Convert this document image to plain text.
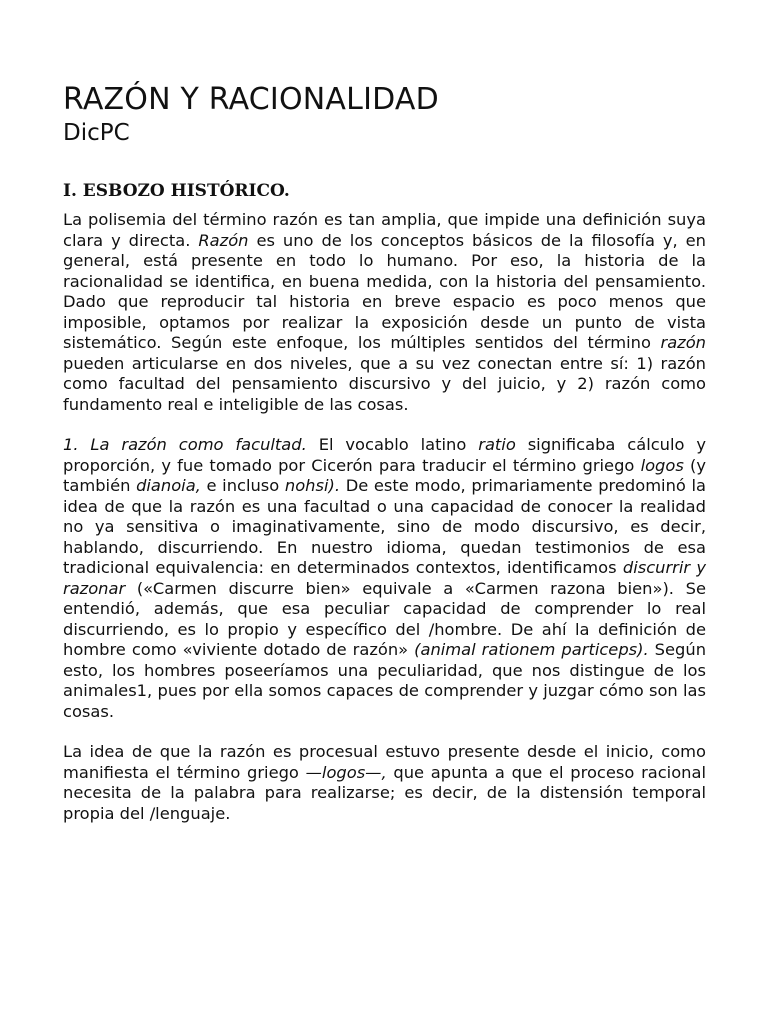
RAZÓN Y RACIONALIDAD
DicPC
I. ESBOZO HISTÓRICO.

La polisemia del término razón es tan amplia, que impide una definición suya clara y directa. Razón es uno de los conceptos básicos de la filosofía y, en general, está presente en todo lo humano. Por eso, la historia de la racionalidad se identifica, en buena medida, con la historia del pensamiento. Dado que reproducir tal historia en breve espacio es poco menos que imposible, optamos por realizar la exposición desde un punto de vista sistemático. Según este enfoque, los múltiples sentidos del término razón pueden articularse en dos niveles, que a su vez conectan entre sí: 1) razón como facultad del pensamiento discursivo y del juicio, y 2) razón como fundamento real e inteligible de las cosas.

1. La razón como facultad. El vocablo latino ratio significaba cálculo y proporción, y fue tomado por Cicerón para traducir el término griego logos (y también dianoia, e incluso nohsi). De este modo, primariamente predominó la idea de que la razón es una facultad o una capacidad de conocer la realidad no ya sensitiva o imaginativamente, sino de modo discursivo, es decir, hablando, discurriendo. En nuestro idioma, quedan testimonios de esa tradicional equivalencia: en determinados contextos, identificamos discurrir y razonar («Carmen discurre bien» equivale a «Carmen razona bien»). Se entendió, además, que esa peculiar capacidad de comprender lo real discurriendo, es lo propio y específico del /hombre. De ahí la definición de hombre como «viviente dotado de razón» (animal rationem particeps). Según esto, los hombres poseeríamos una peculiaridad, que nos distingue de los animales1, pues por ella somos capaces de comprender y juzgar cómo son las cosas.

La idea de que la razón es procesual estuvo presente desde el inicio, como manifiesta el término griego —logos—, que apunta a que el proceso racional necesita de la palabra para realizarse; es decir, de la distensión temporal propia del /lenguaje.
